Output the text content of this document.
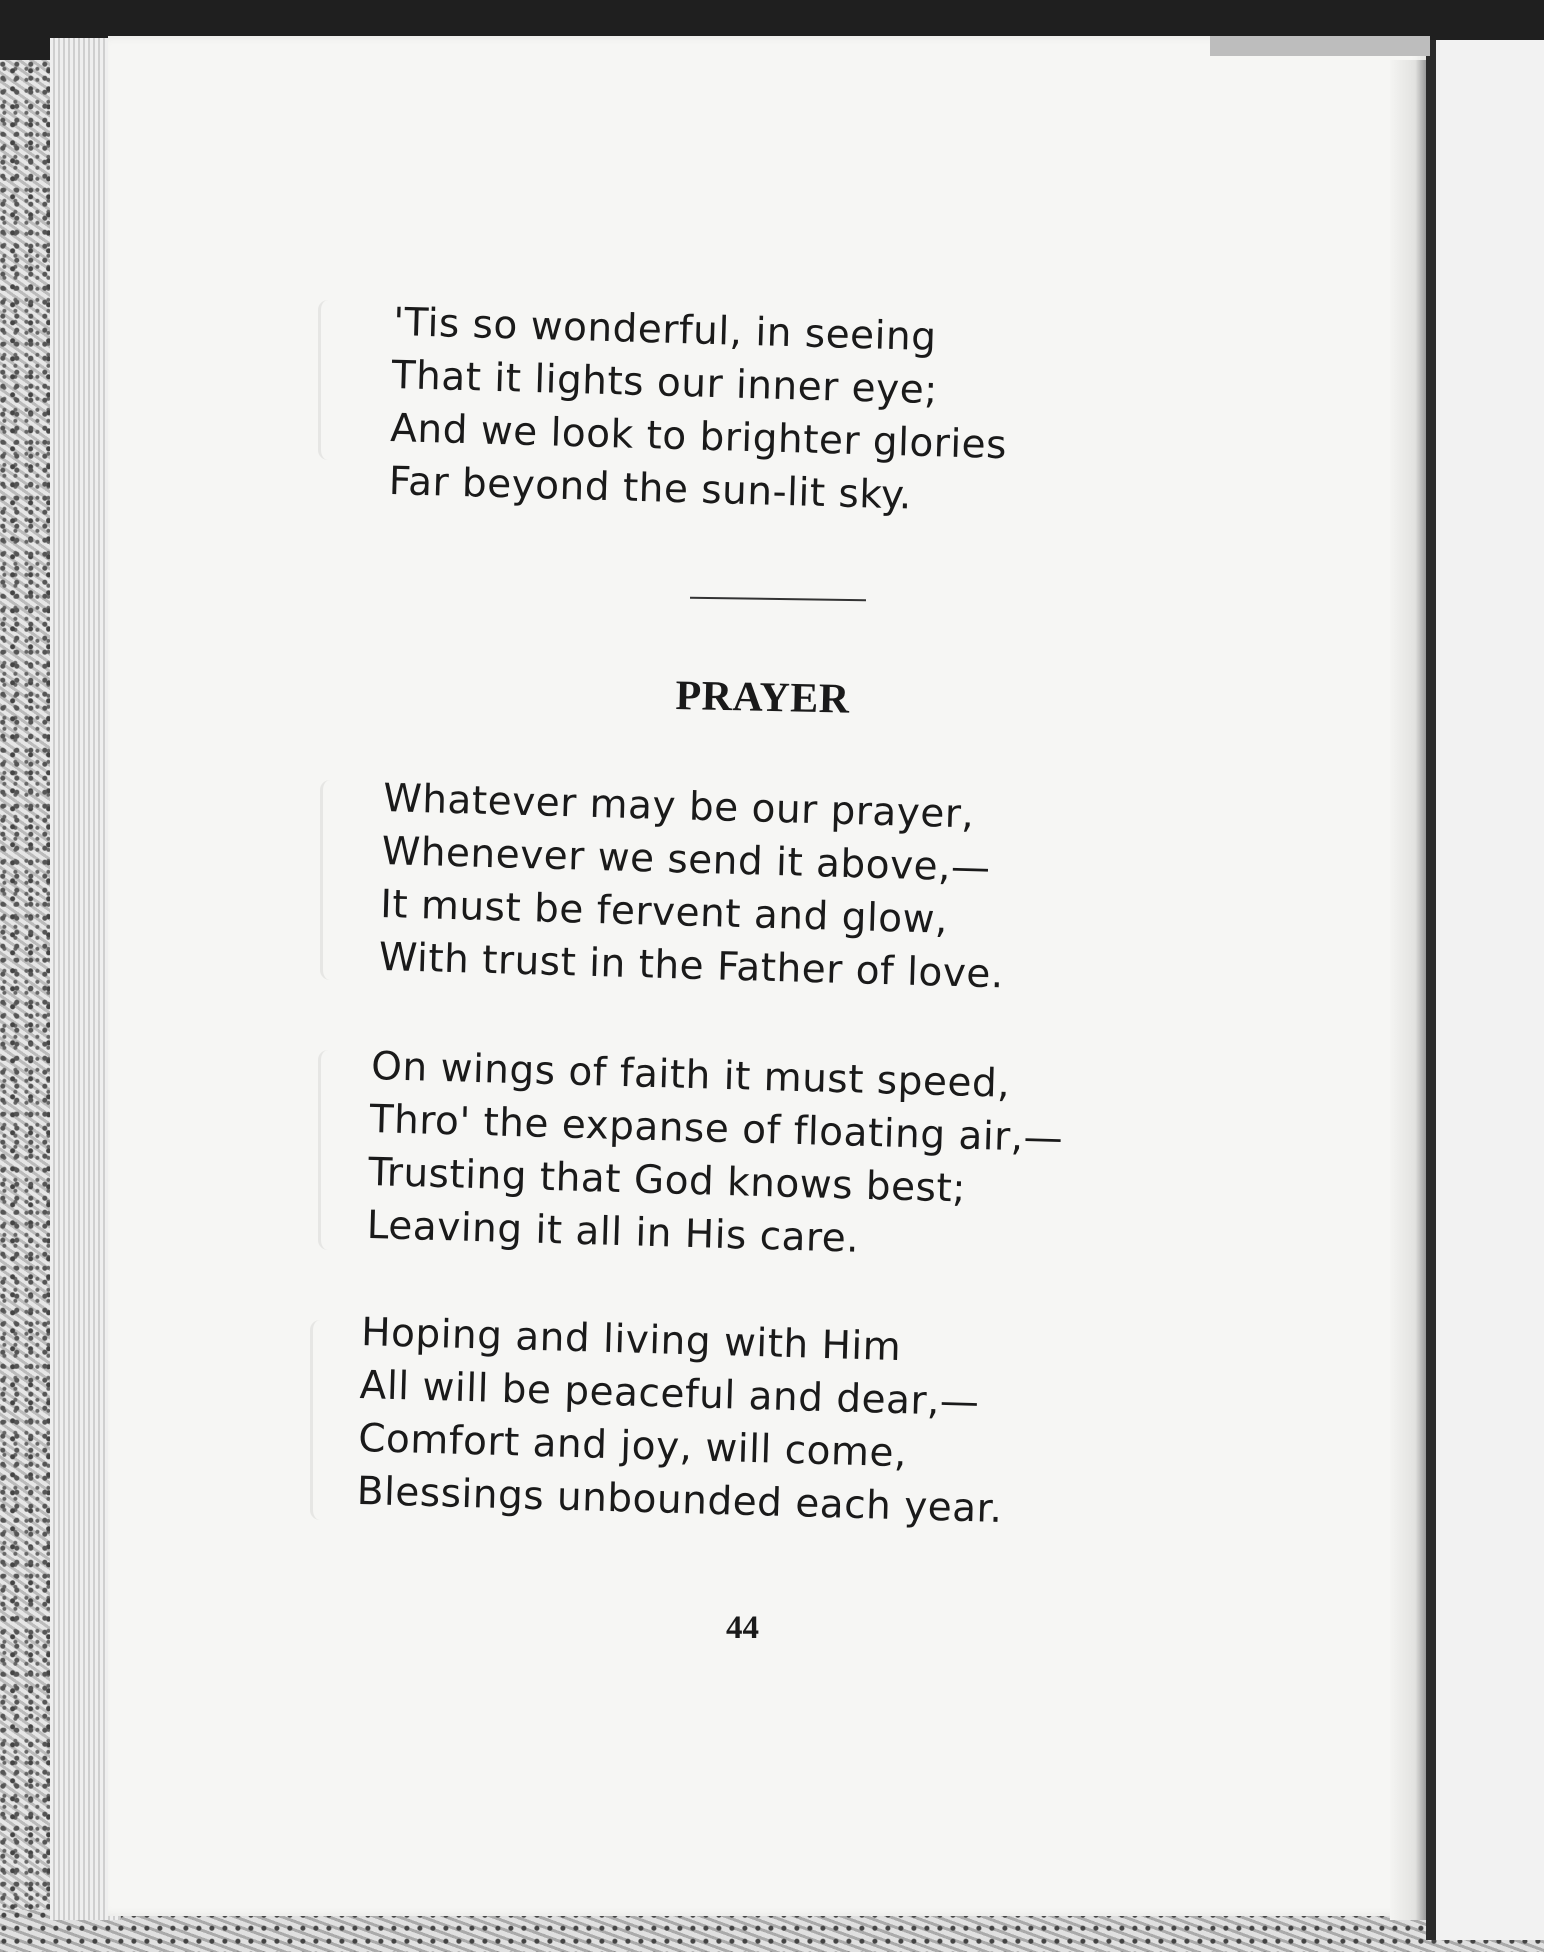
'Tis so wonderful, in seeing
That it lights our inner eye;
And we look to brighter glories
Far beyond the sun-lit sky.
PRAYER
Whatever may be our prayer,
Whenever we send it above,—
It must be fervent and glow,
With trust in the Father of love.
On wings of faith it must speed,
Thro' the expanse of floating air,—
Trusting that God knows best;
Leaving it all in His care.
Hoping and living with Him
All will be peaceful and dear,—
Comfort and joy, will come,
Blessings unbounded each year.

44
